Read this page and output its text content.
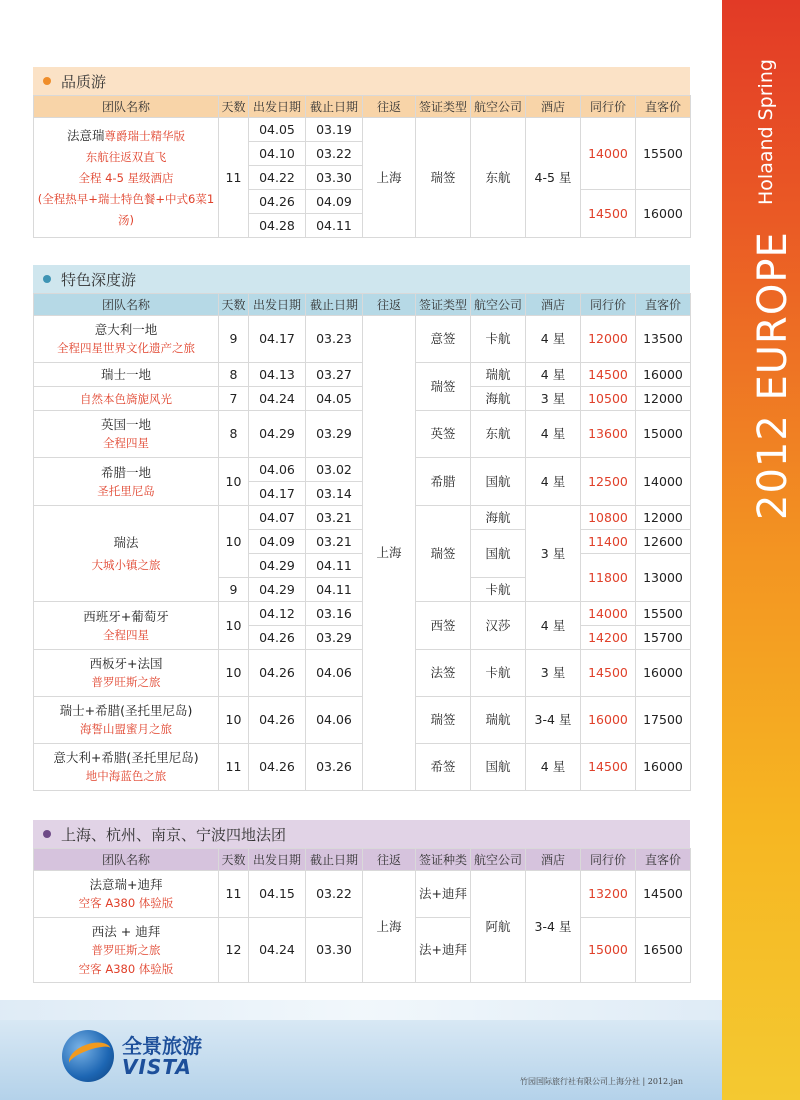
2012 EUROPE
Holaand Spring
品质游
团队名称	天数	出发日期	截止日期	往返	签证类型	航空公司	酒店	同行价	直客价
法意瑞尊爵瑞士精华版
东航往返双直飞
全程 4-5 星级酒店
(全程热早+瑞士特色餐+中式6菜1汤)	11	04.05	03.19	上海	瑞签	东航	4-5 星	14000	15500
		04.10	03.22						
		04.22	03.30						
		04.26	04.09					14500	16000
		04.28	04.11						
特色深度游
团队名称	天数	出发日期	截止日期	往返	签证类型	航空公司	酒店	同行价	直客价

意大利一地
全程四星世界文化遗产之旅	9	04.17	03.23	上海	意签	卡航	4 星	12000	13500
瑞士一地	8	04.13	03.27		瑞签	瑞航	4 星	14500	16000
自然本色旖旎风光	7	04.24	04.05			海航	3 星	10500	12000

英国一地
全程四星	8	04.29	03.29		英签	东航	4 星	13600	15000

希腊一地
圣托里尼岛	10	04.06	03.02		希腊	国航	4 星	12500	14000
		04.17	03.14						

瑞法
大城小镇之旅	10	04.07	03.21		瑞签	海航	3 星	10800	12000
		04.09	03.21			国航		11400	12600
		04.29	04.11					11800	13000
	9	04.29	04.11			卡航			

西班牙+葡萄牙
全程四星	10	04.12	03.16		西签	汉莎	4 星	14000	15500
		04.26	03.29					14200	15700

西板牙+法国
普罗旺斯之旅	10	04.26	04.06		法签	卡航	3 星	14500	16000

瑞士+希腊(圣托里尼岛)
海誓山盟蜜月之旅	10	04.26	04.06		瑞签	瑞航	3-4 星	16000	17500

意大利+希腊(圣托里尼岛)
地中海蓝色之旅	11	04.26	03.26		希签	国航	4 星	14500	16000
上海、杭州、南京、宁波四地法团
团队名称	天数	出发日期	截止日期	往返	签证种类	航空公司	酒店	同行价	直客价

法意瑞+迪拜
空客 A380 体验版	11	04.15	03.22	上海	法+迪拜	阿航	3-4 星	13200	14500

西法 + 迪拜
普罗旺斯之旅
空客 A380 体验版	12	04.24	03.30		法+迪拜			15000	16500
全景旅游
VISTA
竹园国际旅行社有限公司上海分社 | 2012.jan
